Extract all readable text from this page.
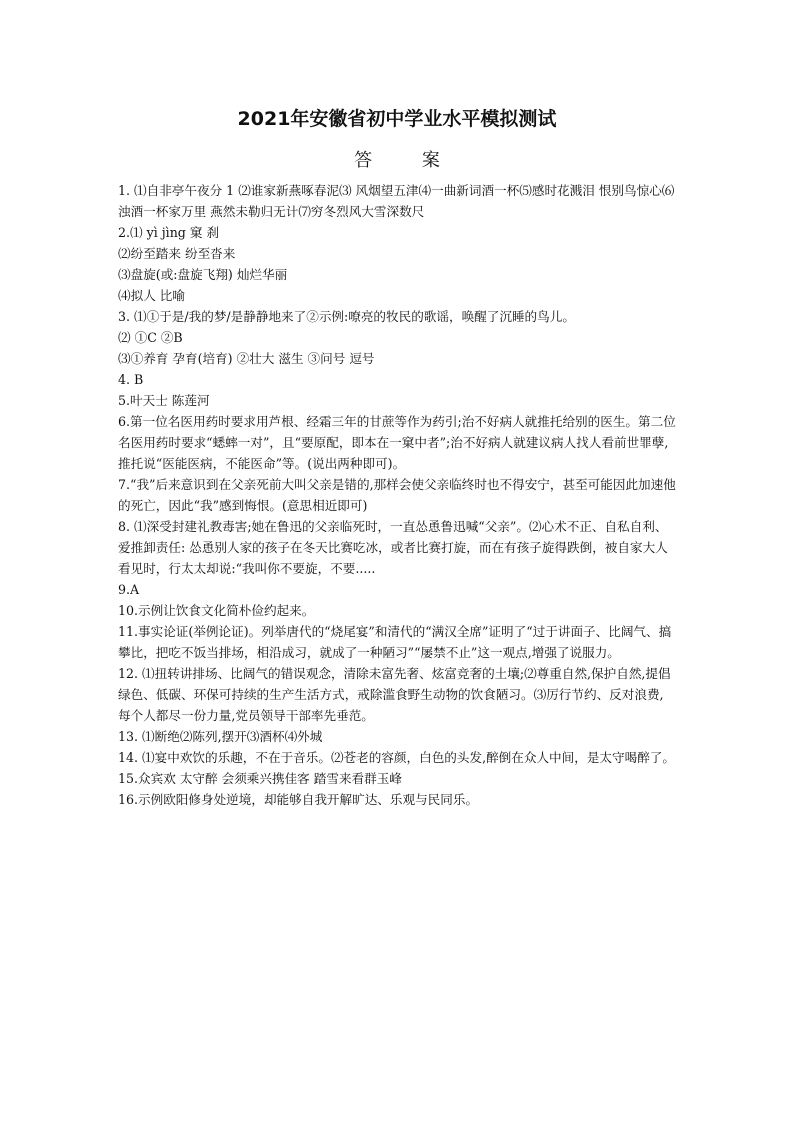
2021年安徽省初中学业水平模拟测试
答 案

1. ⑴自非亭午夜分 1 ⑵谁家新燕啄春泥⑶ 风烟望五津⑷一曲新词酒一杯⑸感时花溅泪 恨别鸟惊心⑹浊酒一杯家万里 燕然未勒归无计⑺穷冬烈风大雪深数尺

2.⑴ yì jìng 窠 刹

⑵纷至踏来 纷至沓来

⑶盘旋(或:盘旋飞翔) 灿烂华丽

⑷拟人 比喻

3. ⑴①于是/我的梦/是静静地来了②示例:嘹亮的牧民的歌谣，唤醒了沉睡的鸟儿。

⑵ ①C ②B

⑶①养育 孕育(培育) ②壮大 滋生 ③问号 逗号

4. B

5.叶天士 陈莲河

6.第一位名医用药时要求用芦根、经霜三年的甘蔗等作为药引;治不好病人就推托给别的医生。第二位名医用药时要求“蟋蟀一对”，且“要原配，即本在一窠中者”;治不好病人就建议病人找人看前世罪孽,推托说“医能医病，不能医命”等。(说出两种即可)。

7.“我”后来意识到在父亲死前大叫父亲是错的,那样会使父亲临终时也不得安宁，甚至可能因此加速他的死亡，因此“我”感到悔恨。(意思相近即可)

8. ⑴深受封建礼教毒害;她在鲁迅的父亲临死时，一直怂恿鲁迅喊“父亲”。⑵心术不正、自私自利、爱推卸责任: 怂恿别人家的孩子在冬天比赛吃冰，或者比赛打旋，而在有孩子旋得跌倒，被自家大人看见时，行太太却说:“我叫你不要旋，不要.....

9.A

10.示例让饮食文化简朴俭约起来。

11.事实论证(举例论证)。列举唐代的“烧尾宴”和清代的“满汉全席”证明了“过于讲面子、比阔气、搞攀比，把吃不饭当排场，相沿成习，就成了一种陋习”“屡禁不止”这一观点,增强了说服力。

12. ⑴扭转讲排场、比阔气的错误观念，清除未富先奢、炫富竞奢的土壤;⑵尊重自然,保护自然,提倡绿色、低碳、环保可持续的生产生活方式，戒除滥食野生动物的饮食陋习。⑶厉行节约、反对浪费,每个人都尽一份力量,党员领导干部率先垂范。

13. ⑴断绝⑵陈列,摆开⑶酒杯⑷外城

14. ⑴宴中欢饮的乐趣，不在于音乐。⑵苍老的容颜，白色的头发,醉倒在众人中间，是太守喝醉了。

15.众宾欢 太守醉 会须乘兴携佳客 踏雪来看群玉峰

16.示例欧阳修身处逆境，却能够自我开解旷达、乐观与民同乐。
